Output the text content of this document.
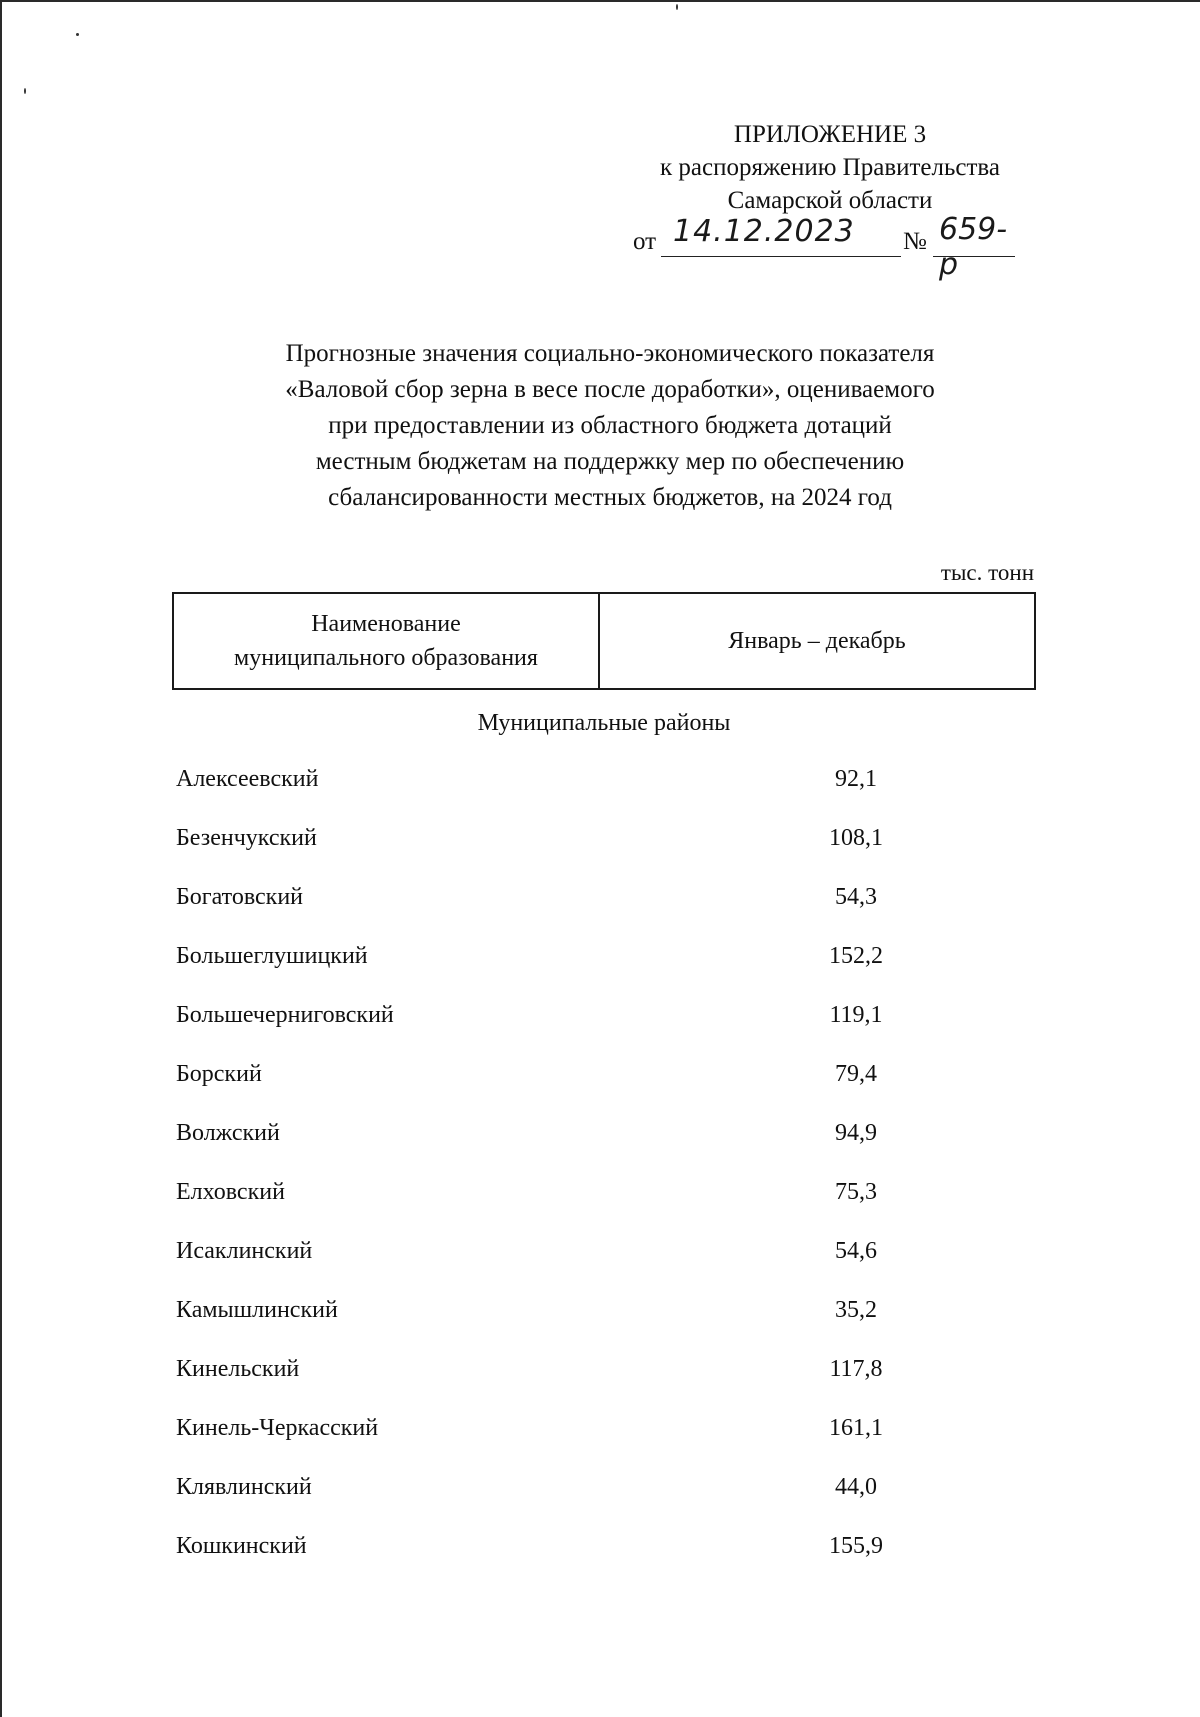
ПРИЛОЖЕНИЕ 3
к распоряжению Правительства
Самарской области
от 14.12.2023 № 659-р
Прогнозные значения социально-экономического показателя
«Валовой сбор зерна в весе после доработки», оцениваемого
при предоставлении из областного бюджета дотаций
местным бюджетам на поддержку мер по обеспечению
сбалансированности местных бюджетов, на 2024 год
тыс. тонн
Наименование
муниципального образования
Январь – декабрь
Муниципальные районы
Алексеевский	92,1
Безенчукский	108,1
Богатовский	54,3
Большеглушицкий	152,2
Большечерниговский	119,1
Борский	79,4
Волжский	94,9
Елховский	75,3
Исаклинский	54,6
Камышлинский	35,2
Кинельский	117,8
Кинель-Черкасский	161,1
Клявлинский	44,0
Кошкинский	155,9
